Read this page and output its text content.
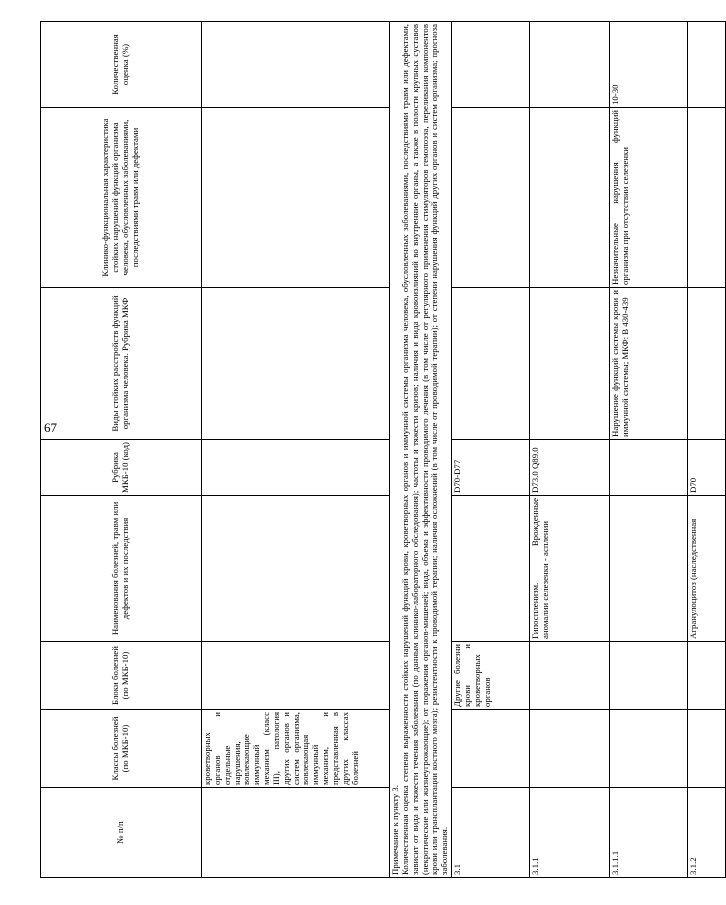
67
№ п/п	Классы болезней (по МКБ-10)	Блоки болезней (по МКБ-10)	Наименования болезней, травм или дефектов и их последствия	Рубрика МКБ-10 (код)	Виды стойких расстройств функций организма человека. Рубрика МКФ	Клинико-функциональная характеристика стойких нарушений функций организма человека, обусловленных заболеваниями, последствиями травм или дефектами	Количественная оценка (%)
	кроветворных органов и отдельные нарушения, вовлекающие иммунный механизм (класс III), патология других органов и систем организма, вовлекающая иммунный механизм, и представленная в других классах болезней						

Примечание к пункту 3. Количественная оценка степени выраженности стойких нарушений функций крови, кроветворных органов и иммунной системы организма человека, обусловленных заболеваниями, последствиями травм или дефектами, зависит от вида и тяжести течения заболевания (по данным клинико-лабораторного обследования); частоты и тяжести кризов; наличия и вида кровоизлияний во внутренние органы, а также в полости крупных суставов (некротические или жизнеугрожающие); от поражения органов-мишеней; вида, объема и эффективности проводимого лечения (в том числе от регулярного применения стимуляторов гемопоэза, переливания компонентов крови или трансплантации костного мозга); резистентности к проводимой терапии; наличия осложнений (в том числе от проводимой терапии); от степени нарушения функций других органов и систем организма; прогноза заболевания.							

3.1		Другие болезни крови и кроветворных органов		D70-D77			
3.1.1			Гипоспленизм. Врожденные аномалии селезенки - асплении	D73.0 Q89.0			
3.1.1.1					Нарушение функций системы крови и иммунной системы; МКФ: В 430-439	Незначительные нарушения функций организма при отсутствии селезенки	10-30
3.1.2			Агранулоцитоз (наследственная	D70			
